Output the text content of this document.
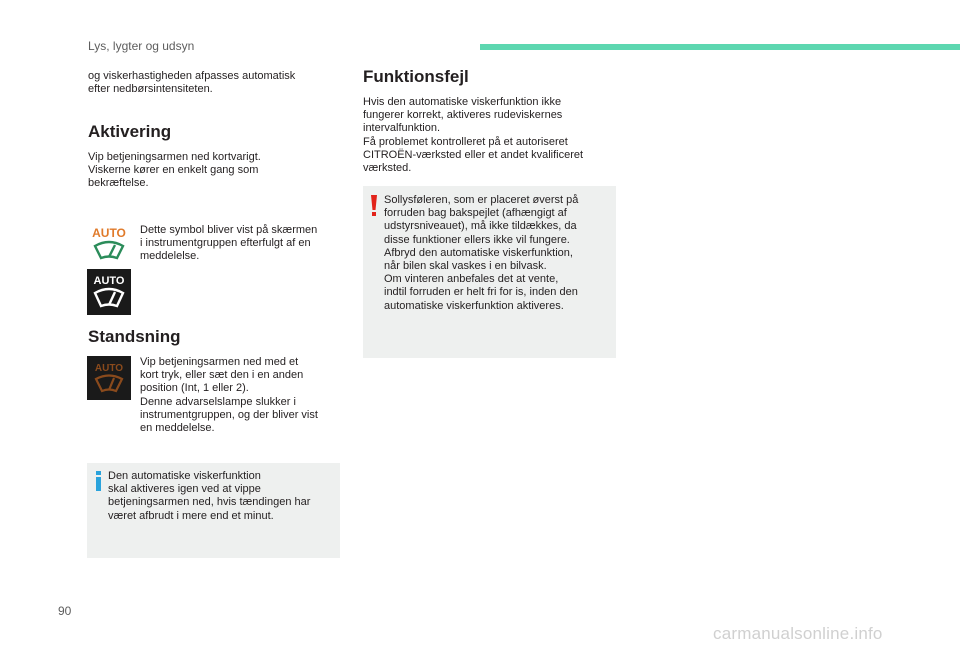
Lys, lygter og udsyn

og viskerhastigheden afpasses automatisk
efter nedbørsintensiteten.

Aktivering

Vip betjeningsarmen ned kortvarigt.
Viskerne kører en enkelt gang som
bekræftelse.

AUTO
AUTO

Dette symbol bliver vist på skærmen
i instrumentgruppen efterfulgt af en
meddelelse.

Standsning
AUTO

Vip betjeningsarmen ned med et
kort tryk, eller sæt den i en anden
position (Int, 1 eller 2).
Denne advarselslampe slukker i
instrumentgruppen, og der bliver vist
en meddelelse.

Den automatiske viskerfunktion
skal aktiveres igen ved at vippe
betjeningsarmen ned, hvis tændingen har
været afbrudt i mere end et minut.

Funktionsfejl

Hvis den automatiske viskerfunktion ikke
fungerer korrekt, aktiveres rudeviskernes
intervalfunktion.
Få problemet kontrolleret på et autoriseret
CITROËN-værksted eller et andet kvalificeret
værksted.

Sollysføleren, som er placeret øverst på
forruden bag bakspejlet (afhængigt af
udstyrsniveauet), må ikke tildækkes, da
disse funktioner ellers ikke vil fungere.
Afbryd den automatiske viskerfunktion,
når bilen skal vaskes i en bilvask.
Om vinteren anbefales det at vente,
indtil forruden er helt fri for is, inden den
automatiske viskerfunktion aktiveres.

90
carmanualsonline.info
